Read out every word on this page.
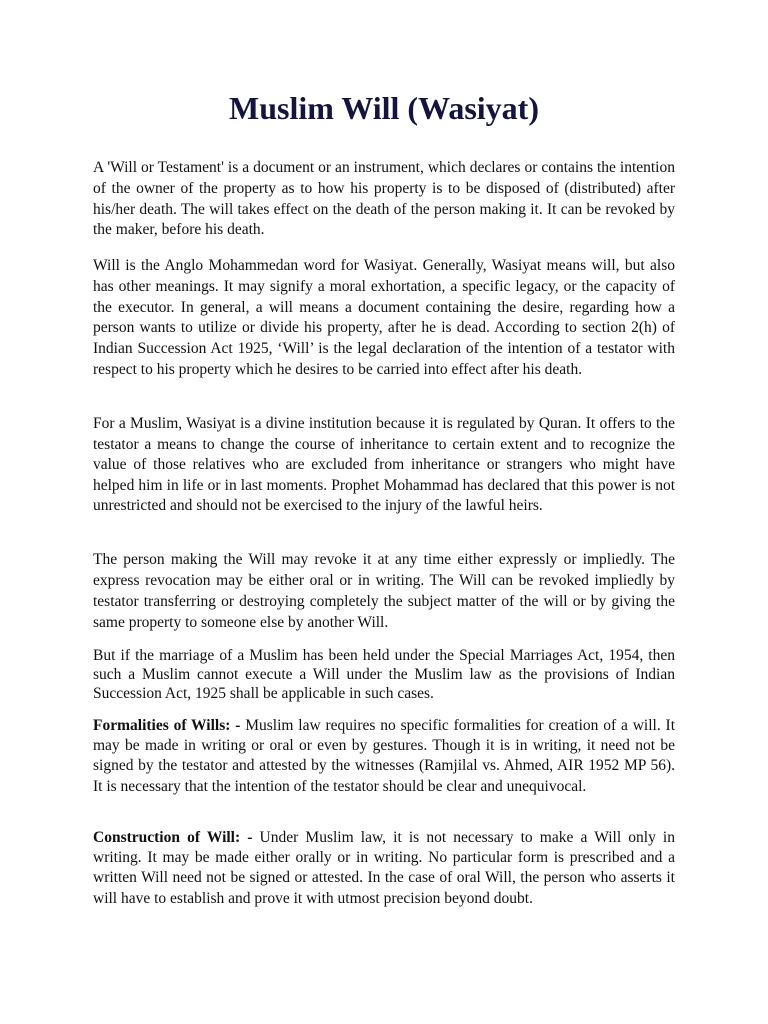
Muslim Will (Wasiyat)

A 'Will or Testament' is a document or an instrument, which declares or contains the intention of the owner of the property as to how his property is to be disposed of (distributed) after his/her death. The will takes effect on the death of the person making it. It can be revoked by the maker, before his death.

Will is the Anglo Mohammedan word for Wasiyat. Generally, Wasiyat means will, but also has other meanings. It may signify a moral exhortation, a specific legacy, or the capacity of the executor. In general, a will means a document containing the desire, regarding how a person wants to utilize or divide his property, after he is dead. According to section 2(h) of Indian Succession Act 1925, ‘Will’ is the legal declaration of the intention of a testator with respect to his property which he desires to be carried into effect after his death.

For a Muslim, Wasiyat is a divine institution because it is regulated by Quran. It offers to the testator a means to change the course of inheritance to certain extent and to recognize the value of those relatives who are excluded from inheritance or strangers who might have helped him in life or in last moments. Prophet Mohammad has declared that this power is not unrestricted and should not be exercised to the injury of the lawful heirs.

The person making the Will may revoke it at any time either expressly or impliedly. The express revocation may be either oral or in writing. The Will can be revoked impliedly by testator transferring or destroying completely the subject matter of the will or by giving the same property to someone else by another Will.

But if the marriage of a Muslim has been held under the Special Marriages Act, 1954, then such a Muslim cannot execute a Will under the Muslim law as the provisions of Indian Succession Act, 1925 shall be applicable in such cases.

Formalities of Wills: - Muslim law requires no specific formalities for creation of a will. It may be made in writing or oral or even by gestures. Though it is in writing, it need not be signed by the testator and attested by the witnesses (Ramjilal vs. Ahmed, AIR 1952 MP 56). It is necessary that the intention of the testator should be clear and unequivocal.

Construction of Will: - Under Muslim law, it is not necessary to make a Will only in writing. It may be made either orally or in writing. No particular form is prescribed and a written Will need not be signed or attested. In the case of oral Will, the person who asserts it will have to establish and prove it with utmost precision beyond doubt.
